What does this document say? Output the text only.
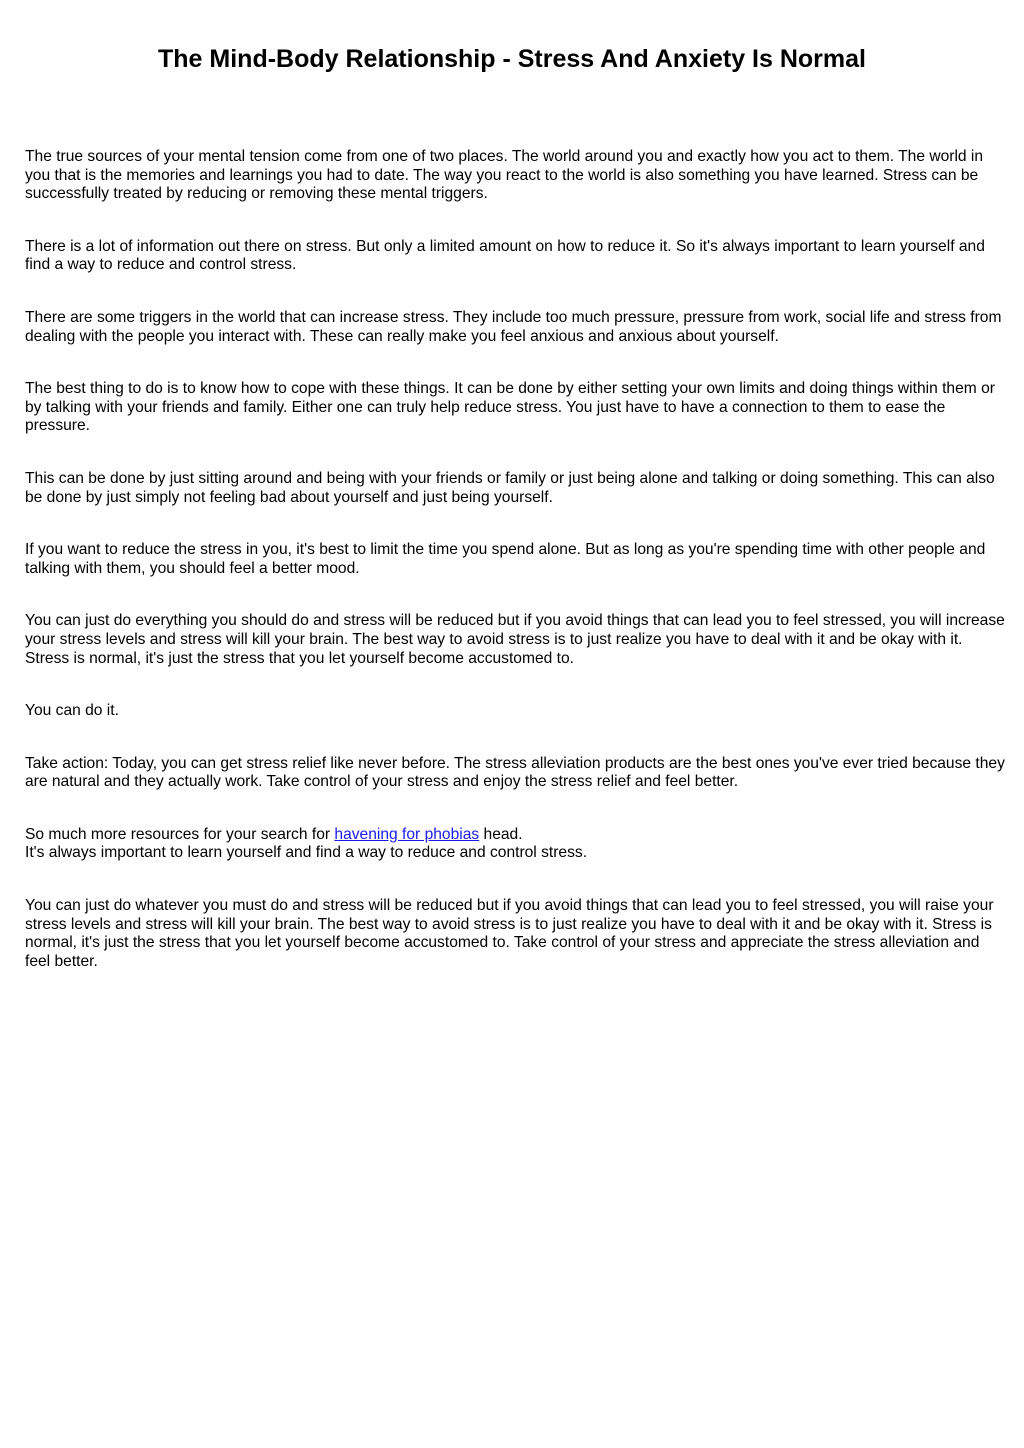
The Mind-Body Relationship - Stress And Anxiety Is Normal

The true sources of your mental tension come from one of two places. The world around you and exactly how you act to them. The world in you that is the memories and learnings you had to date. The way you react to the world is also something you have learned. Stress can be successfully treated by reducing or removing these mental triggers.

There is a lot of information out there on stress. But only a limited amount on how to reduce it. So it's always important to learn yourself and find a way to reduce and control stress.

There are some triggers in the world that can increase stress. They include too much pressure, pressure from work, social life and stress from dealing with the people you interact with. These can really make you feel anxious and anxious about yourself.

The best thing to do is to know how to cope with these things. It can be done by either setting your own limits and doing things within them or by talking with your friends and family. Either one can truly help reduce stress. You just have to have a connection to them to ease the pressure.

This can be done by just sitting around and being with your friends or family or just being alone and talking or doing something. This can also be done by just simply not feeling bad about yourself and just being yourself.

If you want to reduce the stress in you, it's best to limit the time you spend alone. But as long as you're spending time with other people and talking with them, you should feel a better mood.

You can just do everything you should do and stress will be reduced but if you avoid things that can lead you to feel stressed, you will increase your stress levels and stress will kill your brain. The best way to avoid stress is to just realize you have to deal with it and be okay with it. Stress is normal, it's just the stress that you let yourself become accustomed to.

You can do it.

Take action: Today, you can get stress relief like never before. The stress alleviation products are the best ones you've ever tried because they are natural and they actually work. Take control of your stress and enjoy the stress relief and feel better.

So much more resources for your search for havening for phobias head.
It's always important to learn yourself and find a way to reduce and control stress.

You can just do whatever you must do and stress will be reduced but if you avoid things that can lead you to feel stressed, you will raise your stress levels and stress will kill your brain. The best way to avoid stress is to just realize you have to deal with it and be okay with it. Stress is normal, it's just the stress that you let yourself become accustomed to. Take control of your stress and appreciate the stress alleviation and feel better.
